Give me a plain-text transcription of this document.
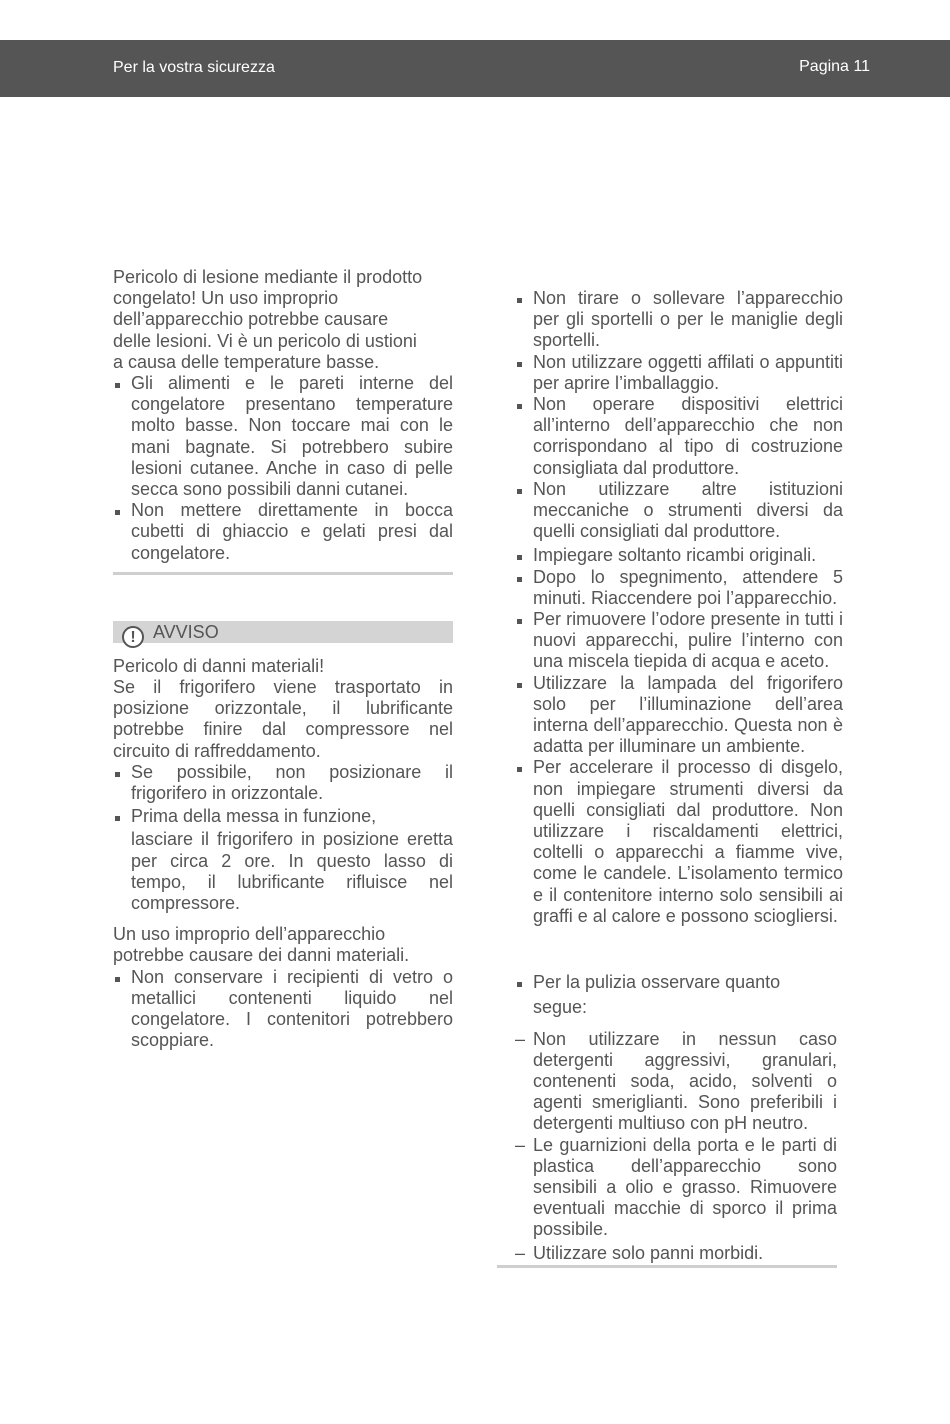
Per la vostra sicurezza	Pagina 11

Pericolo di lesione mediante il prodotto
congelato! Un uso improprio
dell’apparecchio potrebbe causare
delle lesioni. Vi è un pericolo di ustioni
a causa delle temperature basse.

Gli alimenti e le pareti interne del congelatore presentano temperature molto basse. Non toccare mai con le mani bagnate. Si potrebbero subire lesioni cutanee. Anche in caso di pelle secca sono possibili danni cutanei.
Non mettere direttamente in bocca cubetti di ghiaccio e gelati presi dal congelatore.
! AVVISO

Pericolo di danni materiali!

Se il frigorifero viene trasportato in posizione orizzontale, il lubrificante potrebbe finire dal compressore nel circuito di raffreddamento.

Se possibile, non posizionare il frigorifero in orizzontale.
Prima della messa in funzione,
lasciare il frigorifero in posizione eretta per circa 2 ore. In questo lasso di tempo, il lubrificante rifluisce nel compressore.

Un uso improprio dell’apparecchio
potrebbe causare dei danni materiali.

Non conservare i recipienti di vetro o metallici contenenti liquido nel congelatore. I contenitori potrebbero scoppiare.
Non tirare o sollevare l’apparecchio per gli sportelli o per le maniglie degli sportelli.
Non utilizzare oggetti affilati o appuntiti per aprire l’imballaggio.
Non operare dispositivi elettrici all’interno dell’apparecchio che non corrispondano al tipo di costruzione consigliata dal produttore.
Non utilizzare altre istituzioni meccaniche o strumenti diversi da quelli consigliati dal produttore.
Impiegare soltanto ricambi originali.
Dopo lo spegnimento, attendere 5 minuti. Riaccendere poi l’apparecchio.
Per rimuovere l’odore presente in tutti i nuovi apparecchi, pulire l’interno con una miscela tiepida di acqua e aceto.
Utilizzare la lampada del frigorifero solo per l’illuminazione dell’area interna dell’apparecchio. Questa non è adatta per illuminare un ambiente.
Per accelerare il processo di disgelo, non impiegare strumenti diversi da quelli consigliati dal produttore. Non utilizzare i riscaldamenti elettrici, coltelli o apparecchi a fiamme vive, come le candele. L’isolamento termico e il contenitore interno solo sensibili ai graffi e al calore e possono sciogliersi.
Per la pulizia osservare quanto
segue:
– Non utilizzare in nessun caso detergenti aggressivi, granulari, contenenti soda, acido, solventi o agenti smeriglianti. Sono preferibili i detergenti multiuso con pH neutro.
– Le guarnizioni della porta e le parti di plastica dell’apparecchio sono sensibili a olio e grasso. Rimuovere eventuali macchie di sporco il prima possibile.
– Utilizzare solo panni morbidi.
